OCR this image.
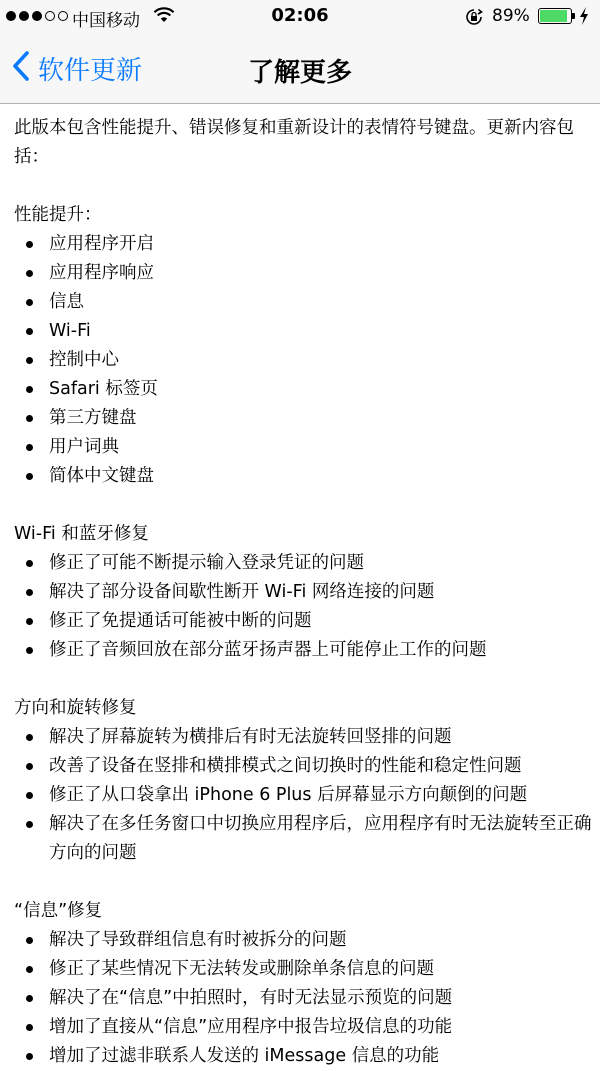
中国移动	02:06	89%
软件更新	了解更多

此版本包含性能提升、错误修复和重新设计的表情符号键盘。更新内容包括：

性能提升：

应用程序开启
应用程序响应
信息
Wi-Fi
控制中心
Safari 标签页
第三方键盘
用户词典
简体中文键盘

Wi-Fi 和蓝牙修复

修正了可能不断提示输入登录凭证的问题
解决了部分设备间歇性断开 Wi-Fi 网络连接的问题
修正了免提通话可能被中断的问题
修正了音频回放在部分蓝牙扬声器上可能停止工作的问题

方向和旋转修复

解决了屏幕旋转为横排后有时无法旋转回竖排的问题
改善了设备在竖排和横排模式之间切换时的性能和稳定性问题
修正了从口袋拿出 iPhone 6 Plus 后屏幕显示方向颠倒的问题
解决了在多任务窗口中切换应用程序后，应用程序有时无法旋转至正确方向的问题

“信息”修复

解决了导致群组信息有时被拆分的问题
修正了某些情况下无法转发或删除单条信息的问题
解决了在“信息”中拍照时，有时无法显示预览的问题
增加了直接从“信息”应用程序中报告垃圾信息的功能
增加了过滤非联系人发送的 iMessage 信息的功能
